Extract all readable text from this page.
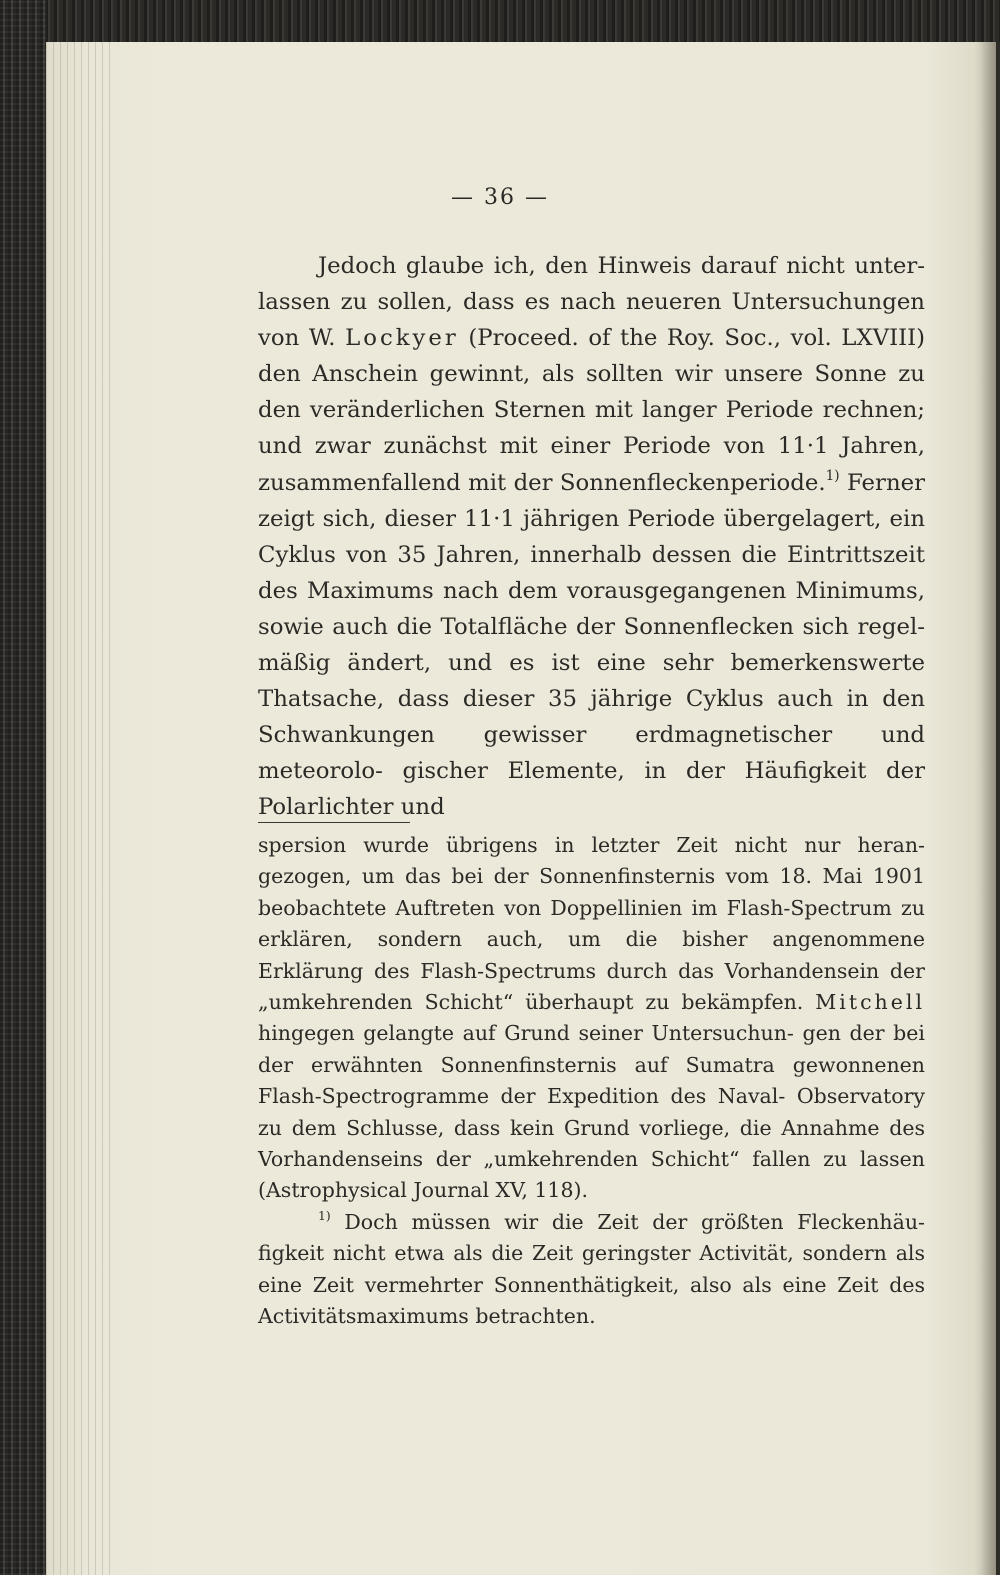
— 36 —
Jedoch glaube ich, den Hinweis darauf nicht unter- lassen zu sollen, dass es nach neueren Untersuchungen von W. Lockyer (Proceed. of the Roy. Soc., vol. LXVIII) den Anschein gewinnt, als sollten wir unsere Sonne zu den veränderlichen Sternen mit langer Periode rechnen; und zwar zunächst mit einer Periode von 11·1 Jahren, zusammenfallend mit der Sonnenfleckenperiode.$^{1)}$ Ferner zeigt sich, dieser 11·1 jährigen Periode übergelagert, ein Cyklus von 35 Jahren, innerhalb dessen die Eintrittszeit des Maximums nach dem vorausgegangenen Minimums, sowie auch die Totalfläche der Sonnenflecken sich regel- mäßig ändert, und es ist eine sehr bemerkenswerte Thatsache, dass dieser 35 jährige Cyklus auch in den Schwankungen gewisser erdmagnetischer und meteorolo- gischer Elemente, in der Häufigkeit der Polarlichter und
spersion wurde übrigens in letzter Zeit nicht nur heran- gezogen, um das bei der Sonnenfinsternis vom 18. Mai 1901 beobachtete Auftreten von Doppellinien im Flash-Spectrum zu erklären, sondern auch, um die bisher angenommene Erklärung des Flash-Spectrums durch das Vorhandensein der „umkehrenden Schicht“ überhaupt zu bekämpfen. Mitchell hingegen gelangte auf Grund seiner Untersuchun- gen der bei der erwähnten Sonnenfinsternis auf Sumatra gewonnenen Flash-Spectrogramme der Expedition des Naval- Observatory zu dem Schlusse, dass kein Grund vorliege, die Annahme des Vorhandenseins der „umkehrenden Schicht“ fallen zu lassen (Astrophysical Journal XV, 118).
$^{1)}$ Doch müssen wir die Zeit der größten Fleckenhäu- figkeit nicht etwa als die Zeit geringster Activität, sondern als eine Zeit vermehrter Sonnenthätigkeit, also als eine Zeit des Activitätsmaximums betrachten.
